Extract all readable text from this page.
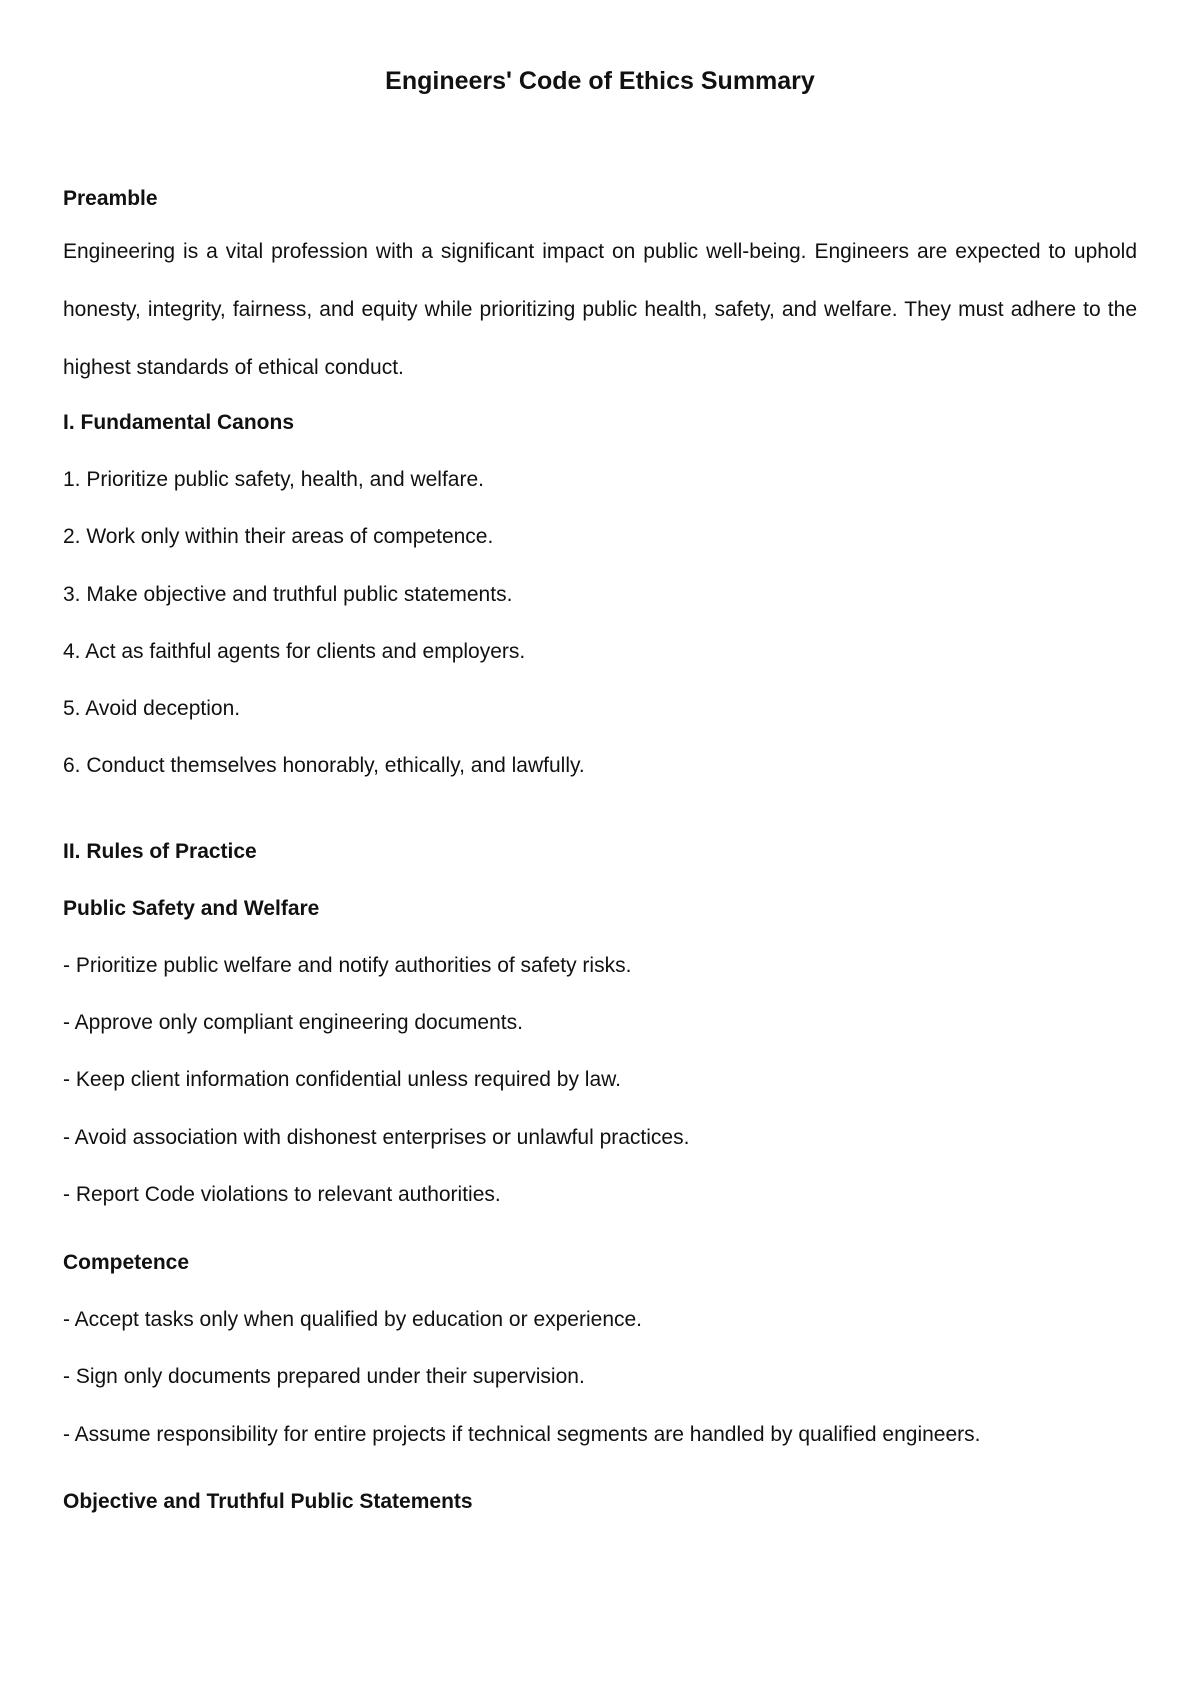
Engineers' Code of Ethics Summary

Preamble

Engineering is a vital profession with a significant impact on public well-being. Engineers are expected to uphold honesty, integrity, fairness, and equity while prioritizing public health, safety, and welfare. They must adhere to the highest standards of ethical conduct.

I. Fundamental Canons

1. Prioritize public safety, health, and welfare.

2. Work only within their areas of competence.

3. Make objective and truthful public statements.

4. Act as faithful agents for clients and employers.

5. Avoid deception.

6. Conduct themselves honorably, ethically, and lawfully.

II. Rules of Practice

Public Safety and Welfare

- Prioritize public welfare and notify authorities of safety risks.

- Approve only compliant engineering documents.

- Keep client information confidential unless required by law.

- Avoid association with dishonest enterprises or unlawful practices.

- Report Code violations to relevant authorities.

Competence

- Accept tasks only when qualified by education or experience.

- Sign only documents prepared under their supervision.

- Assume responsibility for entire projects if technical segments are handled by qualified engineers.

Objective and Truthful Public Statements
